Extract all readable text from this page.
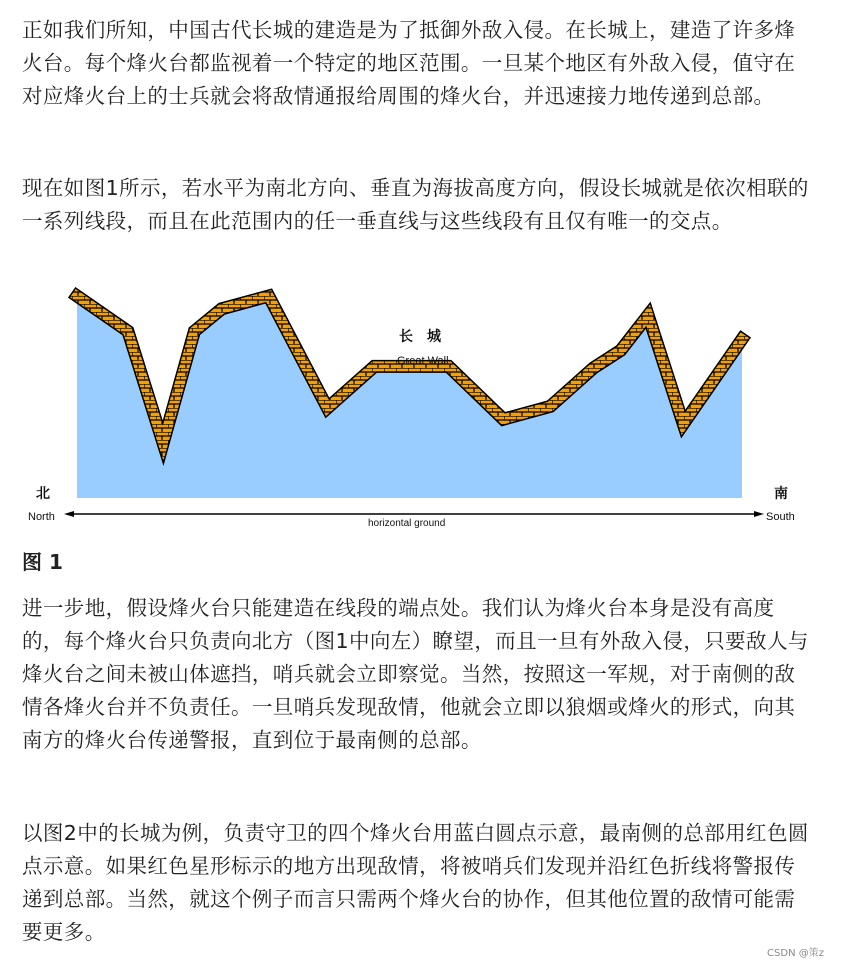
正如我们所知，中国古代长城的建造是为了抵御外敌入侵。在长城上，建造了许多烽火台。每个烽火台都监视着一个特定的地区范围。一旦某个地区有外敌入侵，值守在对应烽火台上的士兵就会将敌情通报给周围的烽火台，并迅速接力地传递到总部。

现在如图1所示，若水平为南北方向、垂直为海拔高度方向，假设长城就是依次相联的一系列线段，而且在此范围内的任一垂直线与这些线段有且仅有唯一的交点。

长　城
Great Wall
北
North
南
South
horizontal ground

图 1

进一步地，假设烽火台只能建造在线段的端点处。我们认为烽火台本身是没有高度的，每个烽火台只负责向北方（图1中向左）瞭望，而且一旦有外敌入侵，只要敌人与烽火台之间未被山体遮挡，哨兵就会立即察觉。当然，按照这一军规，对于南侧的敌情各烽火台并不负责任。一旦哨兵发现敌情，他就会立即以狼烟或烽火的形式，向其南方的烽火台传递警报，直到位于最南侧的总部。

以图2中的长城为例，负责守卫的四个烽火台用蓝白圆点示意，最南侧的总部用红色圆点示意。如果红色星形标示的地方出现敌情，将被哨兵们发现并沿红色折线将警报传递到总部。当然，就这个例子而言只需两个烽火台的协作，但其他位置的敌情可能需要更多。

CSDN @策z
